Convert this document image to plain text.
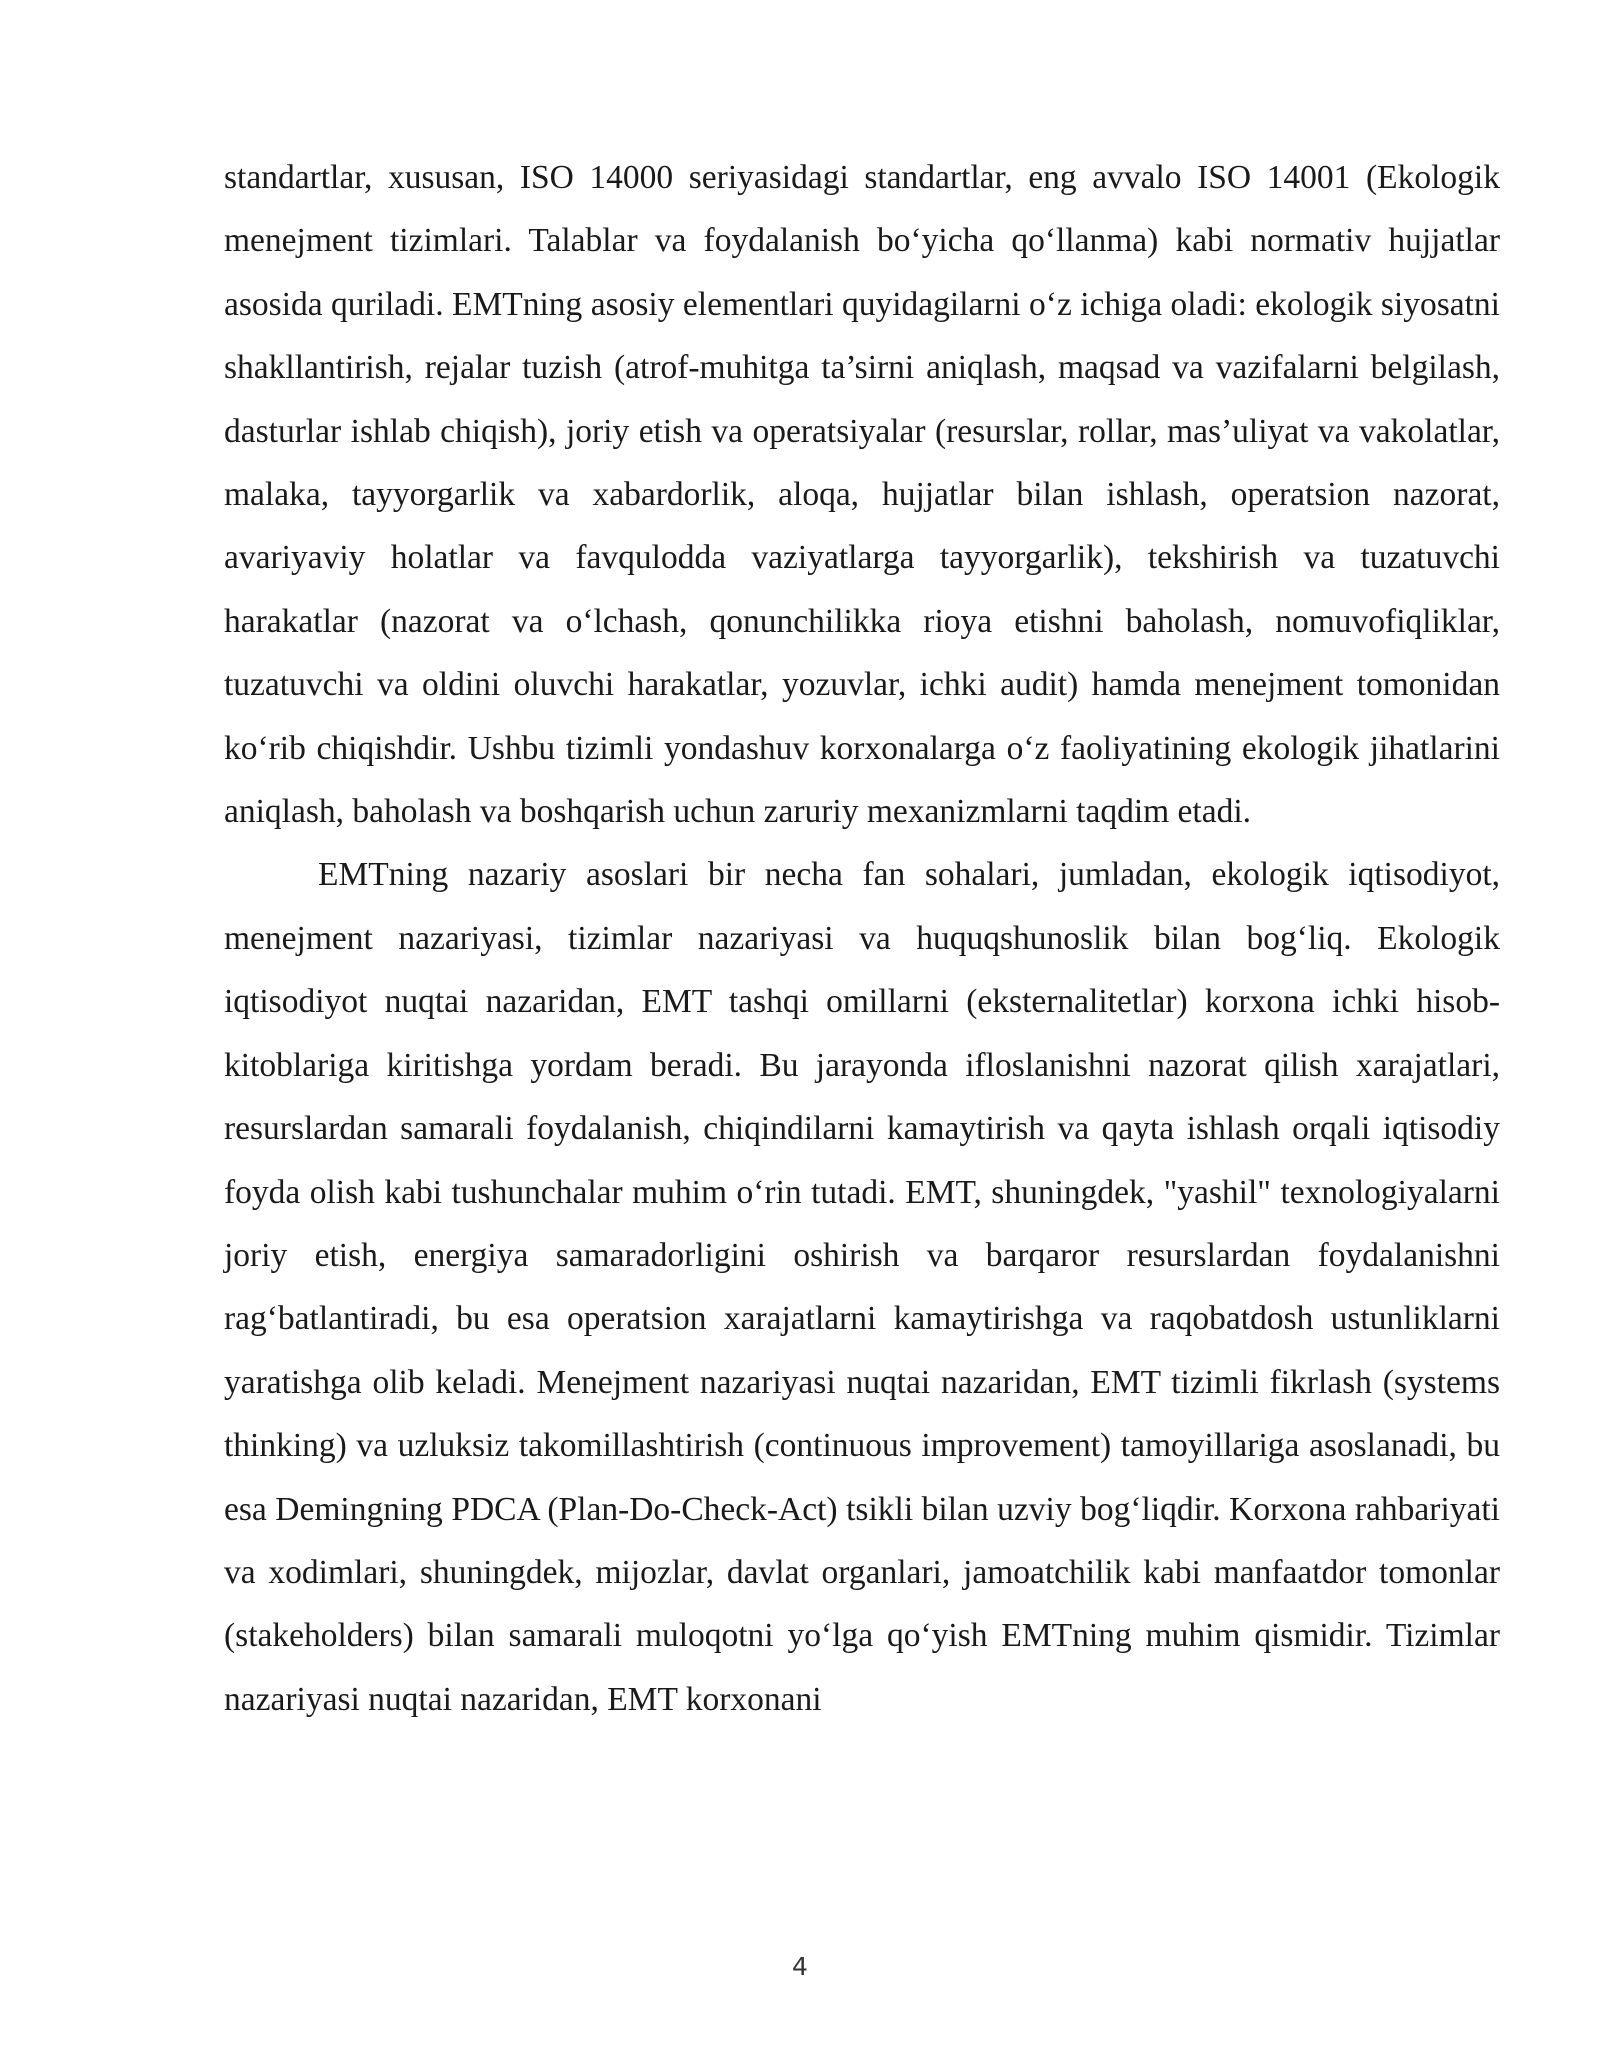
standartlar, xususan, ISO 14000 seriyasidagi standartlar, eng avvalo ISO 14001 (Ekologik menejment tizimlari. Talablar va foydalanish bo‘yicha qo‘llanma) kabi normativ hujjatlar asosida quriladi. EMTning asosiy elementlari quyidagilarni o‘z ichiga oladi: ekologik siyosatni shakllantirish, rejalar tuzish (atrof-muhitga ta’sirni aniqlash, maqsad va vazifalarni belgilash, dasturlar ishlab chiqish), joriy etish va operatsiyalar (resurslar, rollar, mas’uliyat va vakolatlar, malaka, tayyorgarlik va xabardorlik, aloqa, hujjatlar bilan ishlash, operatsion nazorat, avariyaviy holatlar va favqulodda vaziyatlarga tayyorgarlik), tekshirish va tuzatuvchi harakatlar (nazorat va o‘lchash, qonunchilikka rioya etishni baholash, nomuvofiqliklar, tuzatuvchi va oldini oluvchi harakatlar, yozuvlar, ichki audit) hamda menejment tomonidan ko‘rib chiqishdir. Ushbu tizimli yondashuv korxonalarga o‘z faoliyatining ekologik jihatlarini aniqlash, baholash va boshqarish uchun zaruriy mexanizmlarni taqdim etadi.

EMTning nazariy asoslari bir necha fan sohalari, jumladan, ekologik iqtisodiyot, menejment nazariyasi, tizimlar nazariyasi va huquqshunoslik bilan bog‘liq. Ekologik iqtisodiyot nuqtai nazaridan, EMT tashqi omillarni (eksternalitetlar) korxona ichki hisob-kitoblariga kiritishga yordam beradi. Bu jarayonda ifloslanishni nazorat qilish xarajatlari, resurslardan samarali foydalanish, chiqindilarni kamaytirish va qayta ishlash orqali iqtisodiy foyda olish kabi tushunchalar muhim o‘rin tutadi. EMT, shuningdek, "yashil" texnologiyalarni joriy etish, energiya samaradorligini oshirish va barqaror resurslardan foydalanishni rag‘batlantiradi, bu esa operatsion xarajatlarni kamaytirishga va raqobatdosh ustunliklarni yaratishga olib keladi. Menejment nazariyasi nuqtai nazaridan, EMT tizimli fikrlash (systems thinking) va uzluksiz takomillashtirish (continuous improvement) tamoyillariga asoslanadi, bu esa Demingning PDCA (Plan-Do-Check-Act) tsikli bilan uzviy bog‘liqdir. Korxona rahbariyati va xodimlari, shuningdek, mijozlar, davlat organlari, jamoatchilik kabi manfaatdor tomonlar (stakeholders) bilan samarali muloqotni yo‘lga qo‘yish EMTning muhim qismidir. Tizimlar nazariyasi nuqtai nazaridan, EMT korxonani

4
